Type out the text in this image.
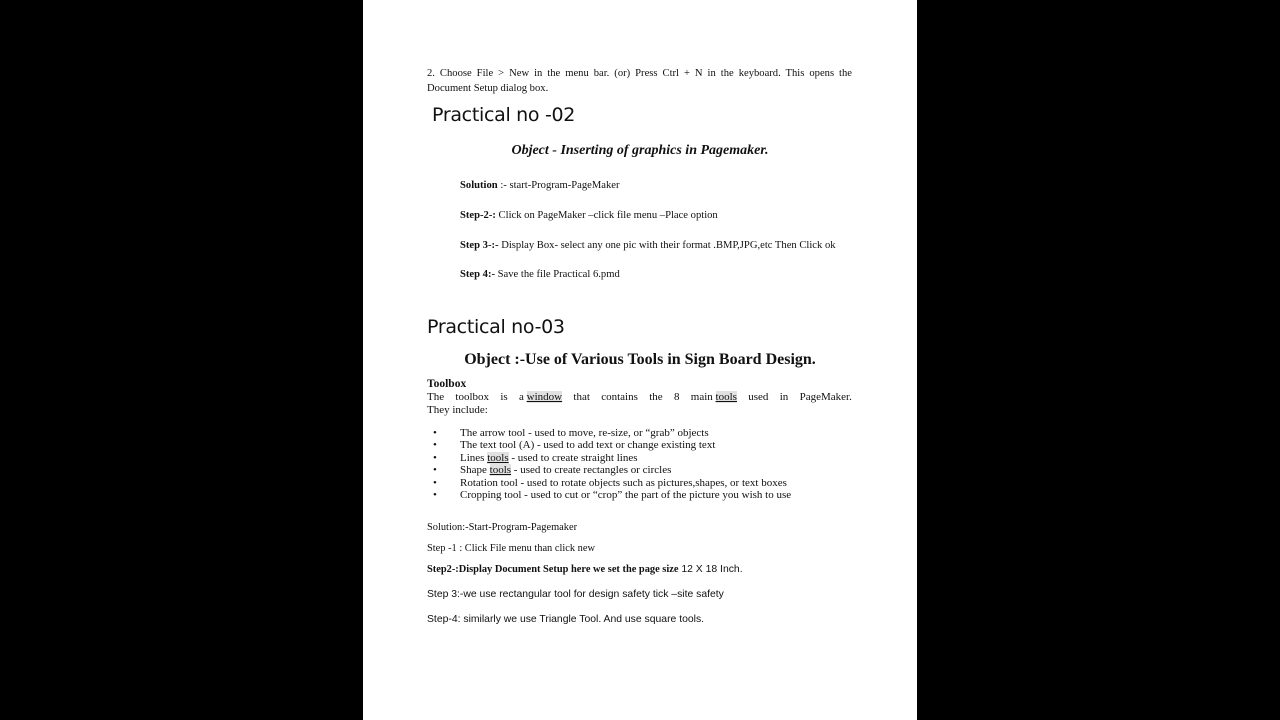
2. Choose File > New in the menu bar. (or) Press Ctrl + N in the keyboard. This opens the

Document Setup dialog box.

Practical no -02
Object - Inserting of graphics in Pagemaker.
Solution :- start-Program-PageMaker
Step-2-: Click on PageMaker –click file menu –Place option
Step 3-:- Display Box- select any one pic with their format .BMP,JPG,etc Then Click ok
Step 4:- Save the file Practical 6.pmd
Practical no-03
Object :-Use of Various Tools in Sign Board Design.
Toolbox
The toolbox is a window that contains the 8 main tools used in PageMaker.
They include:
• The arrow tool - used to move, re-size, or “grab” objects
• The text tool (A) - used to add text or change existing text
• Lines tools - used to create straight lines
• Shape tools - used to create rectangles or circles
• Rotation tool - used to rotate objects such as pictures,shapes, or text boxes
• Cropping tool - used to cut or “crop” the part of the picture you wish to use
Solution:-Start-Program-Pagemaker
Step -1 : Click File menu than click new
Step2-:Display Document Setup here we set the page size 12 X 18 Inch.
Step 3:-we use rectangular tool for design safety tick –site safety
Step-4: similarly we use Triangle Tool. And use square tools.
